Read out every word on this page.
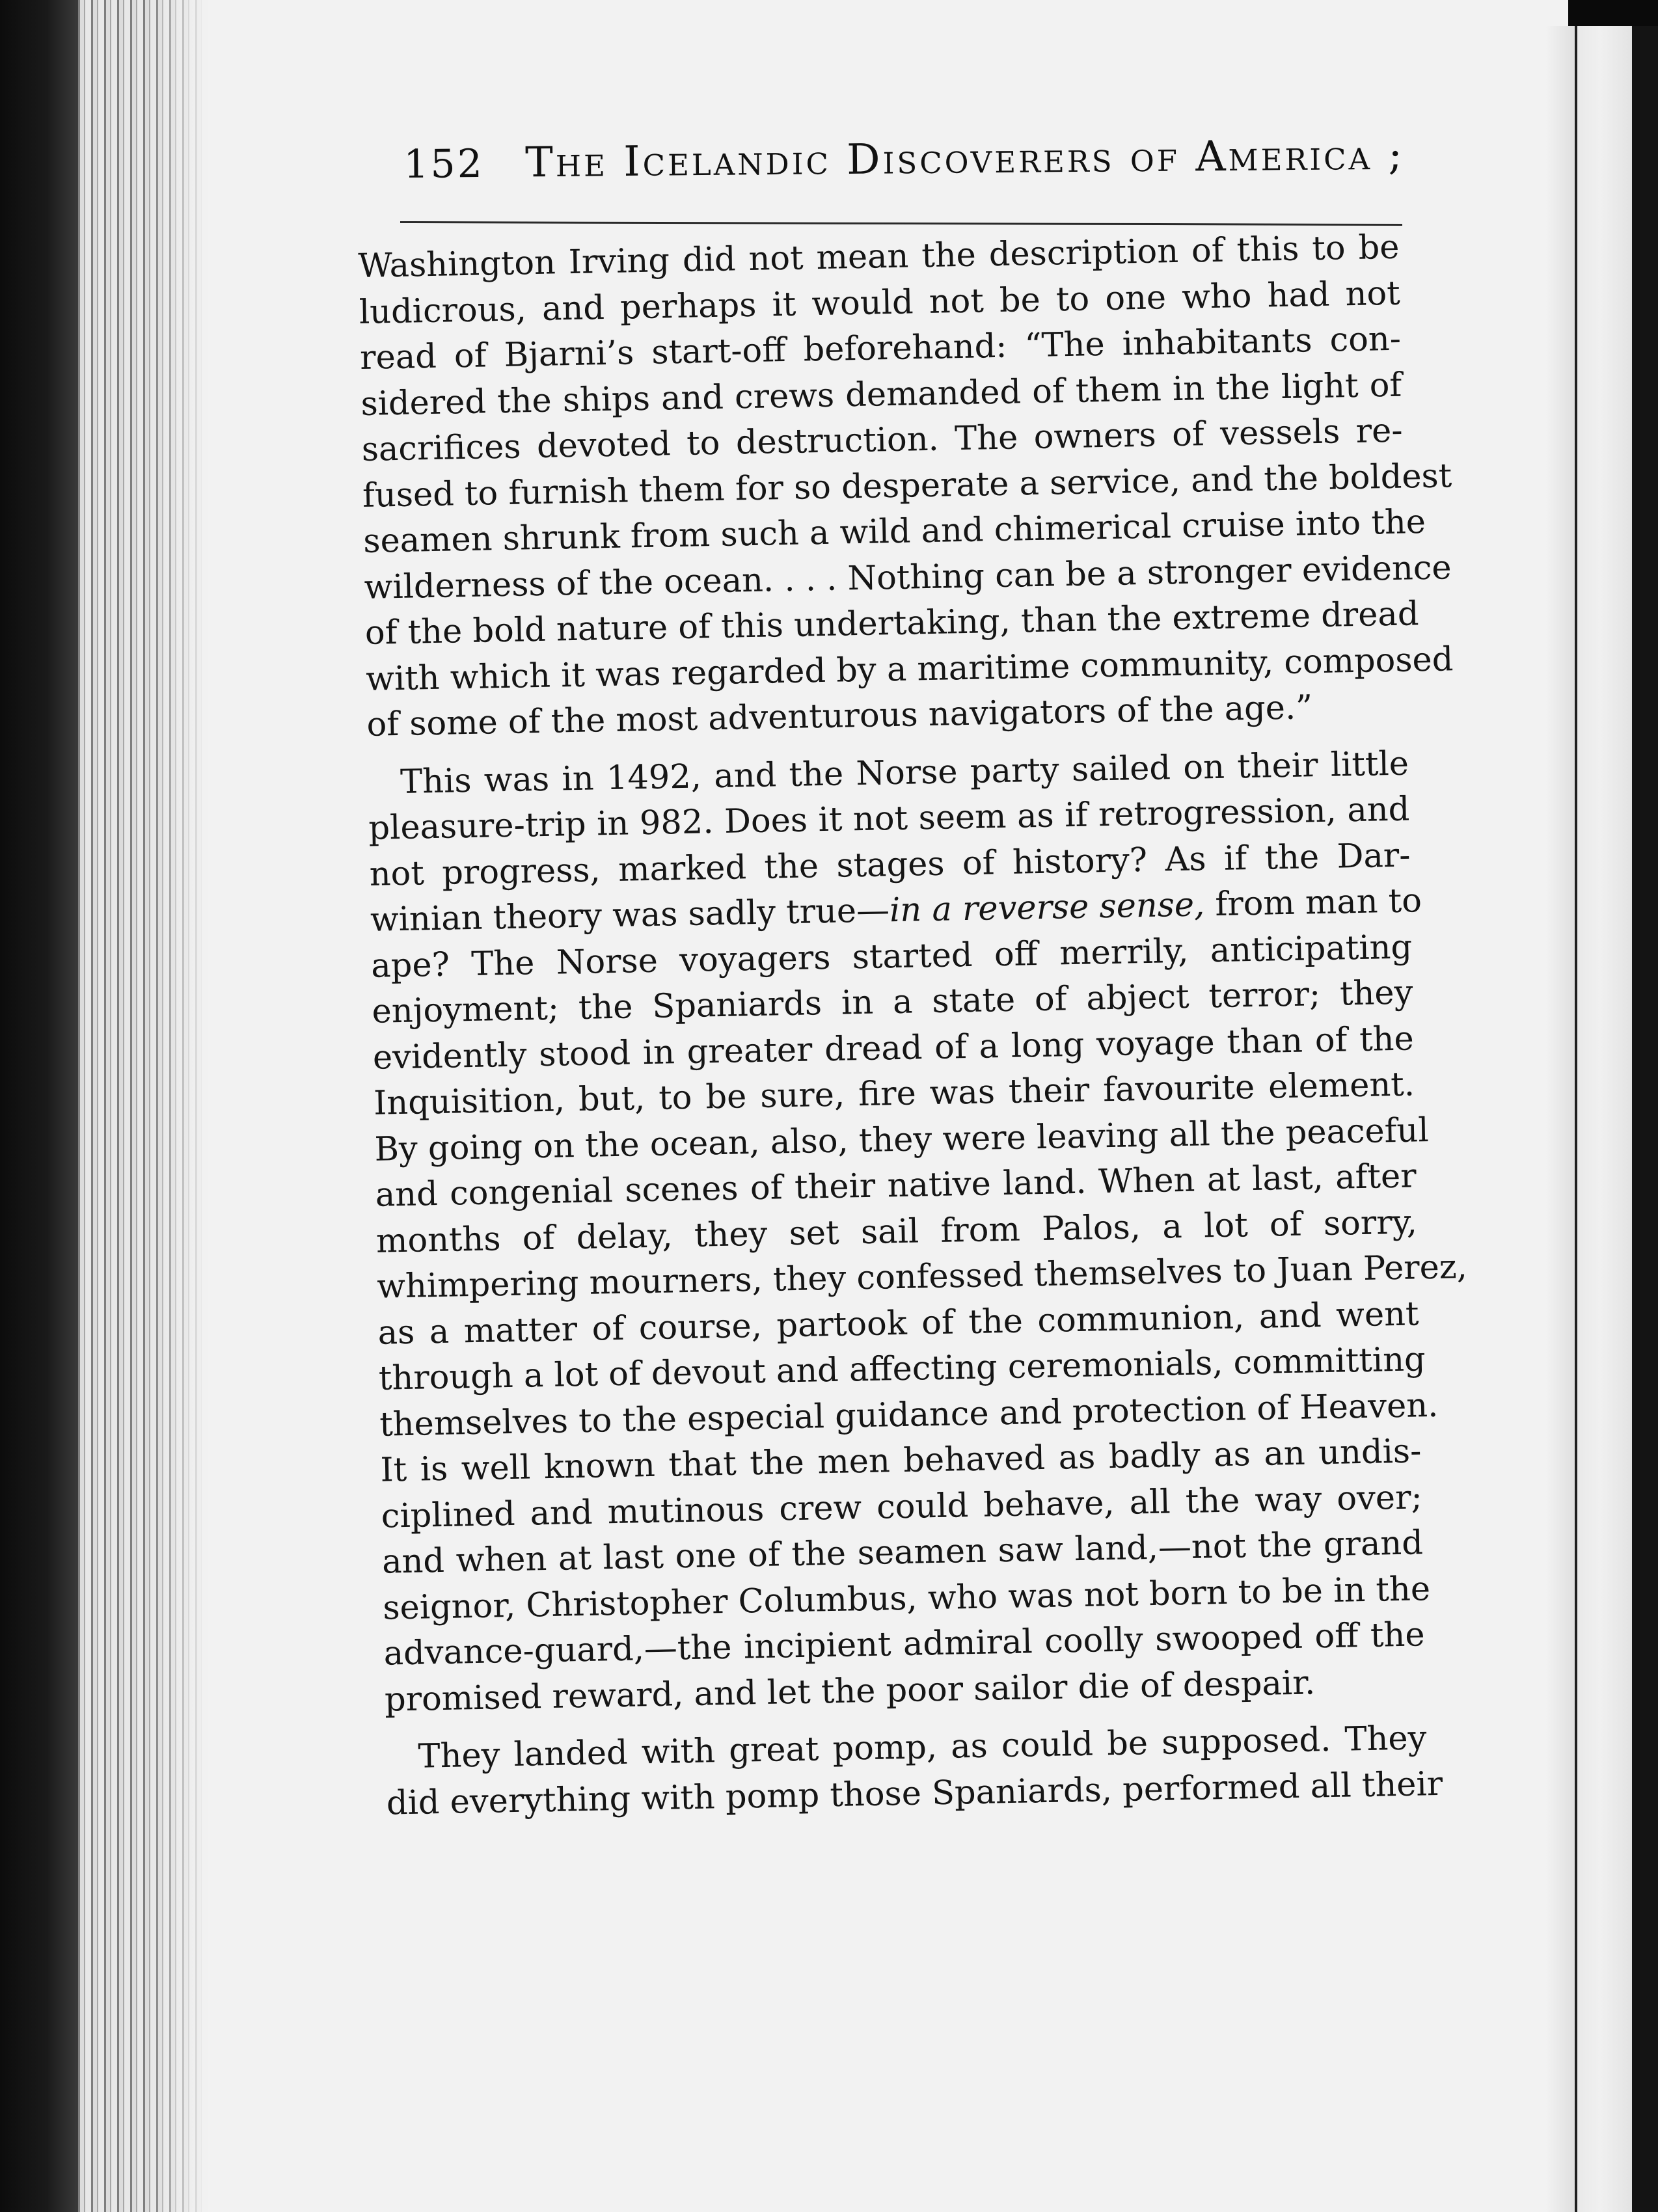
152 The Icelandic Discoverers of America ;
Washington Irving did not mean the description of this to be
ludicrous, and perhaps it would not be to one who had not
read of Bjarni’s start-off beforehand: “The inhabitants con-
sidered the ships and crews demanded of them in the light of
sacrifices devoted to destruction. The owners of vessels re-
fused to furnish them for so desperate a service, and the boldest
seamen shrunk from such a wild and chimerical cruise into the
wilderness of the ocean. . . . Nothing can be a stronger evidence
of the bold nature of this undertaking, than the extreme dread
with which it was regarded by a maritime community, composed
of some of the most adventurous navigators of the age.”
This was in 1492, and the Norse party sailed on their little
pleasure-trip in 982. Does it not seem as if retrogression, and
not progress, marked the stages of history? As if the Dar-
winian theory was sadly true—in a reverse sense, from man to
ape? The Norse voyagers started off merrily, anticipating
enjoyment; the Spaniards in a state of abject terror; they
evidently stood in greater dread of a long voyage than of the
Inquisition, but, to be sure, fire was their favourite element.
By going on the ocean, also, they were leaving all the peaceful
and congenial scenes of their native land. When at last, after
months of delay, they set sail from Palos, a lot of sorry,
whimpering mourners, they confessed themselves to Juan Perez,
as a matter of course, partook of the communion, and went
through a lot of devout and affecting ceremonials, committing
themselves to the especial guidance and protection of Heaven.
It is well known that the men behaved as badly as an undis-
ciplined and mutinous crew could behave, all the way over;
and when at last one of the seamen saw land,—not the grand
seignor, Christopher Columbus, who was not born to be in the
advance-guard,—the incipient admiral coolly swooped off the
promised reward, and let the poor sailor die of despair.
They landed with great pomp, as could be supposed. They
did everything with pomp those Spaniards, performed all their
